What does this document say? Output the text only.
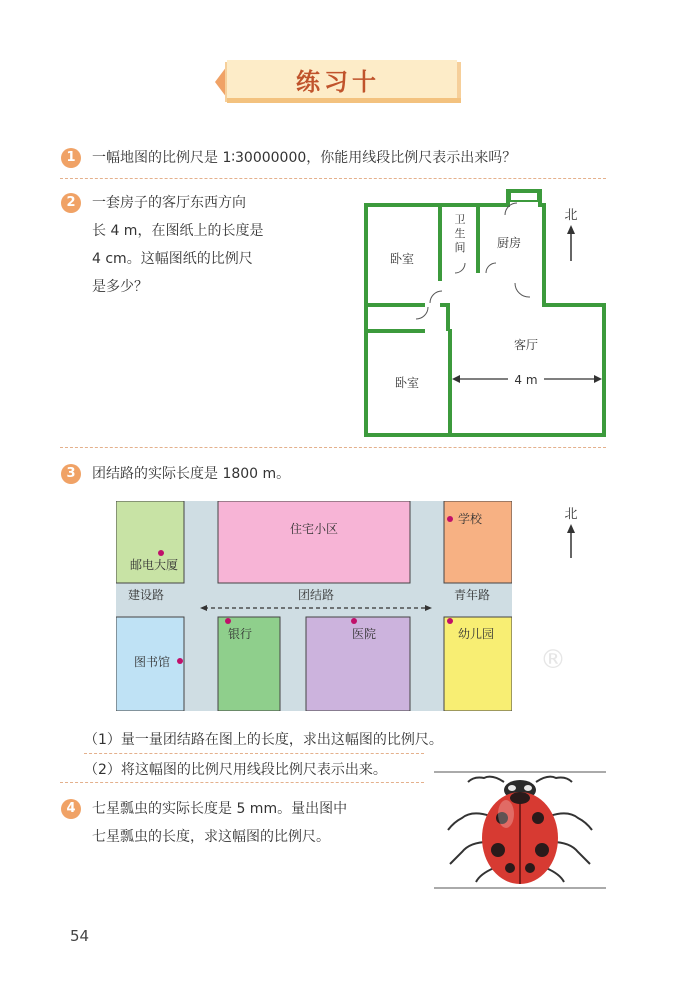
练习十
1	一幅地图的比例尺是 1∶30000000，你能用线段比例尺表示出来吗？
2	一套房子的客厅东西方向
长 4 m，在图纸上的长度是
4 cm。这幅图纸的比例尺
是多少？
卧室
卫
生
间	厨房
客厅
卧室	4 m
北
3	团结路的实际长度是 1800 m。
住宅小区
学校
邮电大厦
建设路	团结路	青年路
银行	医院	幼儿园
图书馆	®
北
（1）量一量团结路在图上的长度，求出这幅图的比例尺。
（2）将这幅图的比例尺用线段比例尺表示出来。
4	七星瓢虫的实际长度是 5 mm。量出图中
七星瓢虫的长度，求这幅图的比例尺。
54
